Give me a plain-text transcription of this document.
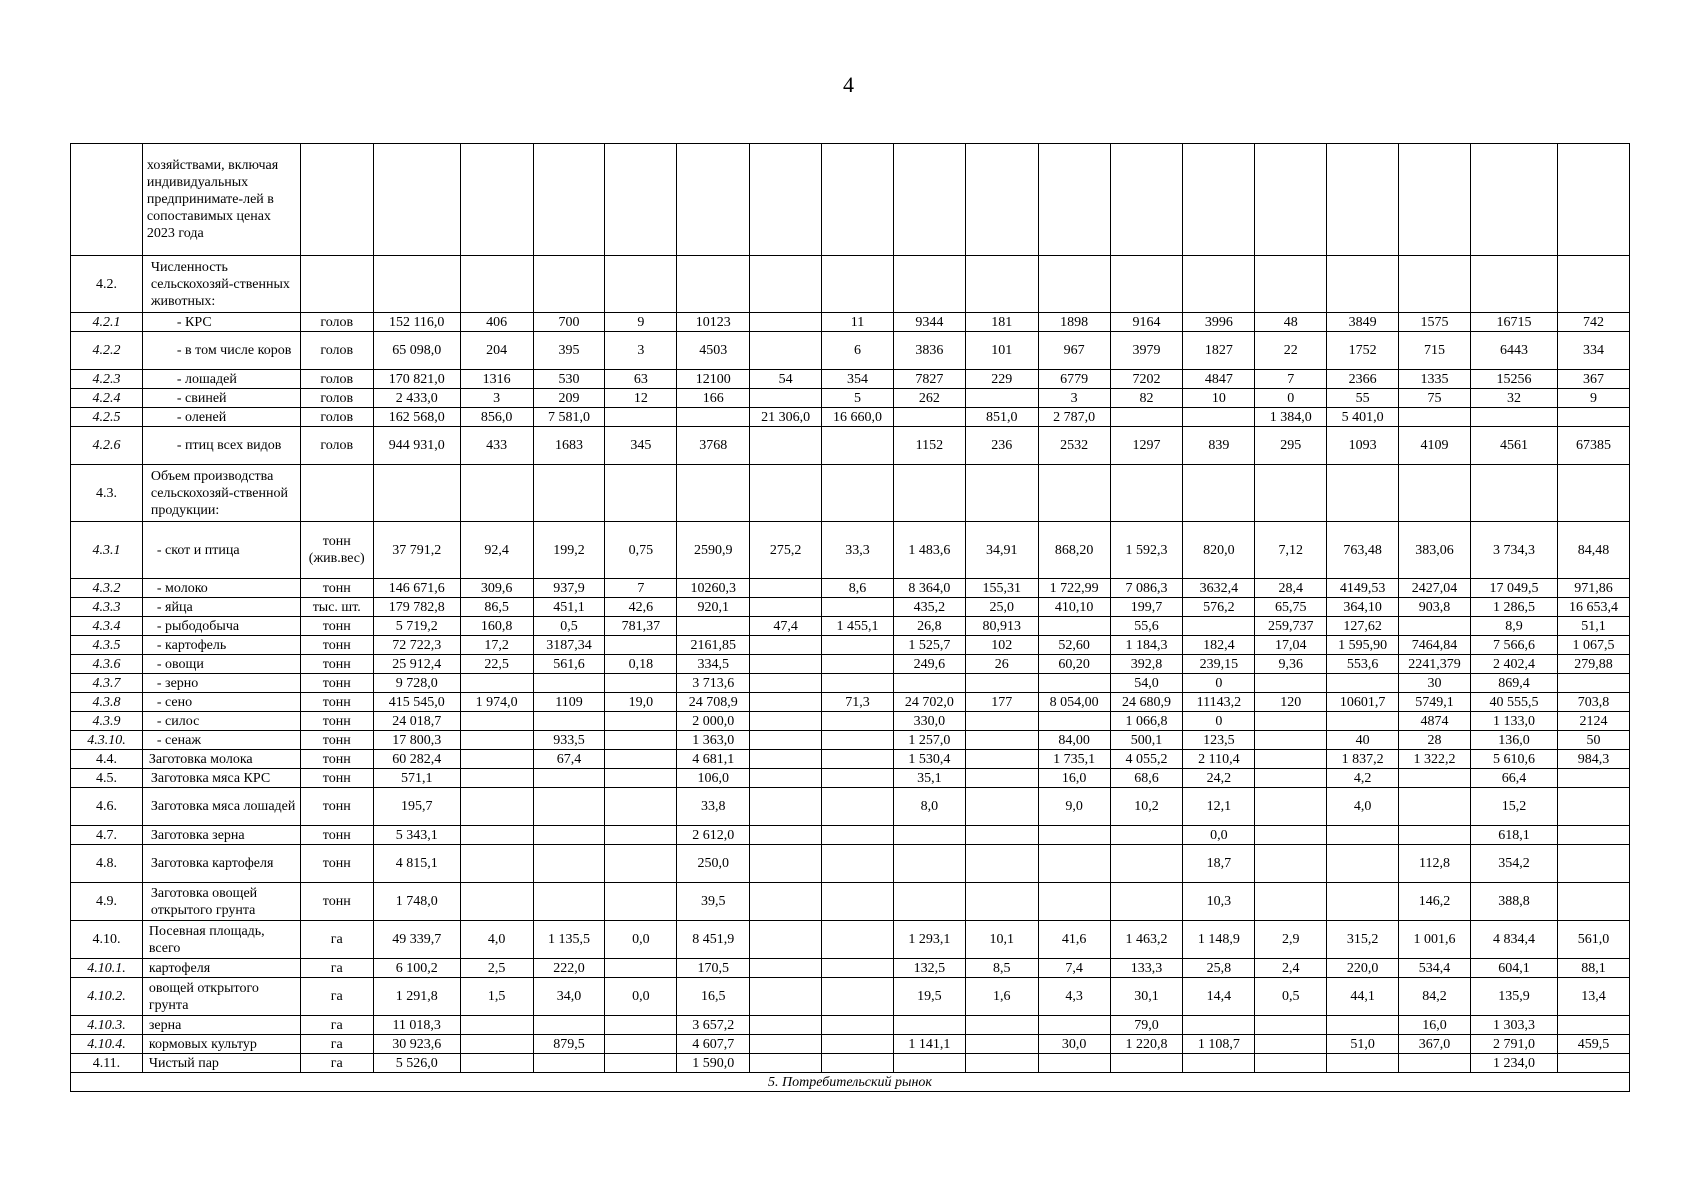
4
	хозяйствами, включая индивидуальных предпринимате-лей в сопоставимых ценах 2023 года																		
4.2.	Численность сельскохозяй-ственных животных:																		
4.2.1	- КРС	голов	152 116,0	406	700	9	10123		11	9344	181	1898	9164	3996	48	3849	1575	16715	742
4.2.2	- в том числе коров	голов	65 098,0	204	395	3	4503		6	3836	101	967	3979	1827	22	1752	715	6443	334
4.2.3	- лошадей	голов	170 821,0	1316	530	63	12100	54	354	7827	229	6779	7202	4847	7	2366	1335	15256	367
4.2.4	- свиней	голов	2 433,0	3	209	12	166		5	262		3	82	10	0	55	75	32	9
4.2.5	- оленей	голов	162 568,0	856,0	7 581,0			21 306,0	16 660,0		851,0	2 787,0			1 384,0	5 401,0			
4.2.6	- птиц всех видов	голов	944 931,0	433	1683	345	3768			1152	236	2532	1297	839	295	1093	4109	4561	67385
4.3.	Объем производства сельскохозяй-ственной продукции:																		
4.3.1	- скот и птица	тонн (жив.вес)	37 791,2	92,4	199,2	0,75	2590,9	275,2	33,3	1 483,6	34,91	868,20	1 592,3	820,0	7,12	763,48	383,06	3 734,3	84,48
4.3.2	- молоко	тонн	146 671,6	309,6	937,9	7	10260,3		8,6	8 364,0	155,31	1 722,99	7 086,3	3632,4	28,4	4149,53	2427,04	17 049,5	971,86
4.3.3	- яйца	тыс. шт.	179 782,8	86,5	451,1	42,6	920,1			435,2	25,0	410,10	199,7	576,2	65,75	364,10	903,8	1 286,5	16 653,4
4.3.4	- рыбодобыча	тонн	5 719,2	160,8	0,5	781,37		47,4	1 455,1	26,8	80,913		55,6		259,737	127,62		8,9	51,1
4.3.5	- картофель	тонн	72 722,3	17,2	3187,34		2161,85			1 525,7	102	52,60	1 184,3	182,4	17,04	1 595,90	7464,84	7 566,6	1 067,5
4.3.6	- овощи	тонн	25 912,4	22,5	561,6	0,18	334,5			249,6	26	60,20	392,8	239,15	9,36	553,6	2241,379	2 402,4	279,88
4.3.7	- зерно	тонн	9 728,0				3 713,6						54,0	0			30	869,4	
4.3.8	- сено	тонн	415 545,0	1 974,0	1109	19,0	24 708,9		71,3	24 702,0	177	8 054,00	24 680,9	11143,2	120	10601,7	5749,1	40 555,5	703,8
4.3.9	- силос	тонн	24 018,7				2 000,0			330,0			1 066,8	0			4874	1 133,0	2124
4.3.10.	- сенаж	тонн	17 800,3		933,5		1 363,0			1 257,0		84,00	500,1	123,5		40	28	136,0	50
4.4.	Заготовка молока	тонн	60 282,4		67,4		4 681,1			1 530,4		1 735,1	4 055,2	2 110,4		1 837,2	1 322,2	5 610,6	984,3
4.5.	Заготовка мяса КРС	тонн	571,1				106,0			35,1		16,0	68,6	24,2		4,2		66,4	
4.6.	Заготовка мяса лошадей	тонн	195,7				33,8			8,0		9,0	10,2	12,1		4,0		15,2	
4.7.	Заготовка зерна	тонн	5 343,1				2 612,0							0,0				618,1	
4.8.	Заготовка картофеля	тонн	4 815,1				250,0							18,7			112,8	354,2	
4.9.	Заготовка овощей открытого грунта	тонн	1 748,0				39,5							10,3			146,2	388,8	
4.10.	Посевная площадь, всего	га	49 339,7	4,0	1 135,5	0,0	8 451,9			1 293,1	10,1	41,6	1 463,2	1 148,9	2,9	315,2	1 001,6	4 834,4	561,0
4.10.1.	картофеля	га	6 100,2	2,5	222,0		170,5			132,5	8,5	7,4	133,3	25,8	2,4	220,0	534,4	604,1	88,1
4.10.2.	овощей открытого грунта	га	1 291,8	1,5	34,0	0,0	16,5			19,5	1,6	4,3	30,1	14,4	0,5	44,1	84,2	135,9	13,4
4.10.3.	зерна	га	11 018,3				3 657,2						79,0				16,0	1 303,3	
4.10.4.	кормовых культур	га	30 923,6		879,5		4 607,7			1 141,1		30,0	1 220,8	1 108,7		51,0	367,0	2 791,0	459,5
4.11.	Чистый пар	га	5 526,0				1 590,0											1 234,0	
5. Потребительский рынок																			
